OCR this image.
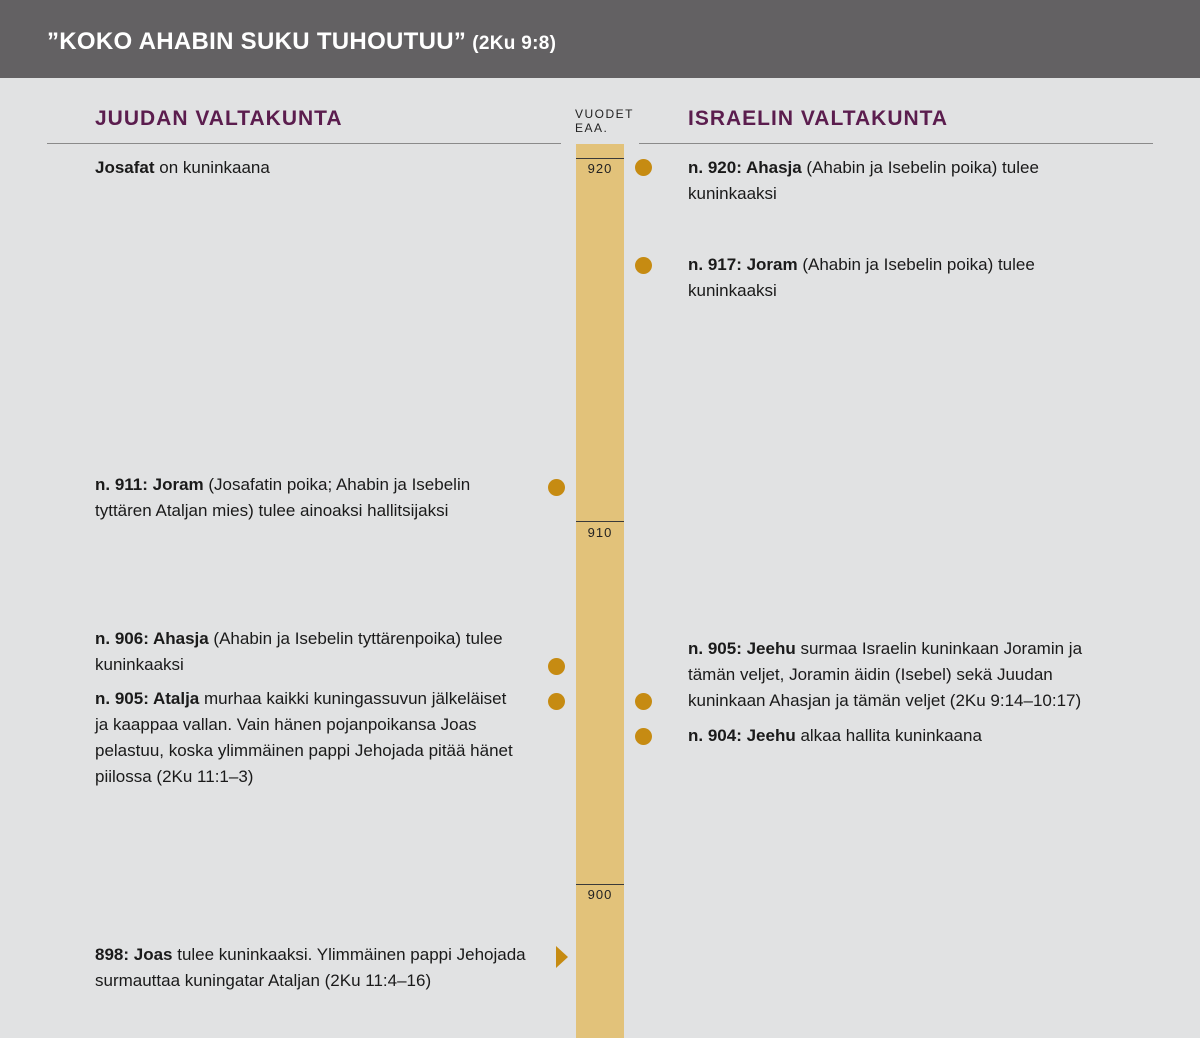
”KOKO AHABIN SUKU TUHOUTUU” (2Ku 9:8)
JUUDAN VALTAKUNTA	ISRAELIN VALTAKUNTA
VUODET
EAA.
920
910
900
Josafat on kuninkaana
n. 911: Joram (Josafatin poika; Ahabin ja Isebelin tyttären Ataljan mies) tulee ainoaksi hallitsijaksi
n. 906: Ahasja (Ahabin ja Isebelin tyttärenpoika) tulee kuninkaaksi
n. 905: Atalja murhaa kaikki kuningassuvun jälkeläiset ja kaappaa vallan. Vain hänen pojanpoikansa Joas pelastuu, koska ylimmäinen pappi Jehojada pitää hänet piilossa (2Ku 11:1–3)
898: Joas tulee kuninkaaksi. Ylimmäinen pappi Jehojada surmauttaa kuningatar Ataljan (2Ku 11:4–16)
n. 920: Ahasja (Ahabin ja Isebelin poika) tulee kuninkaaksi
n. 917: Joram (Ahabin ja Isebelin poika) tulee kuninkaaksi
n. 905: Jeehu surmaa Israelin kuninkaan Joramin ja tämän veljet, Joramin äidin (Isebel) sekä Juudan kuninkaan Ahasjan ja tämän veljet (2Ku 9:14–10:17)
n. 904: Jeehu alkaa hallita kuninkaana
